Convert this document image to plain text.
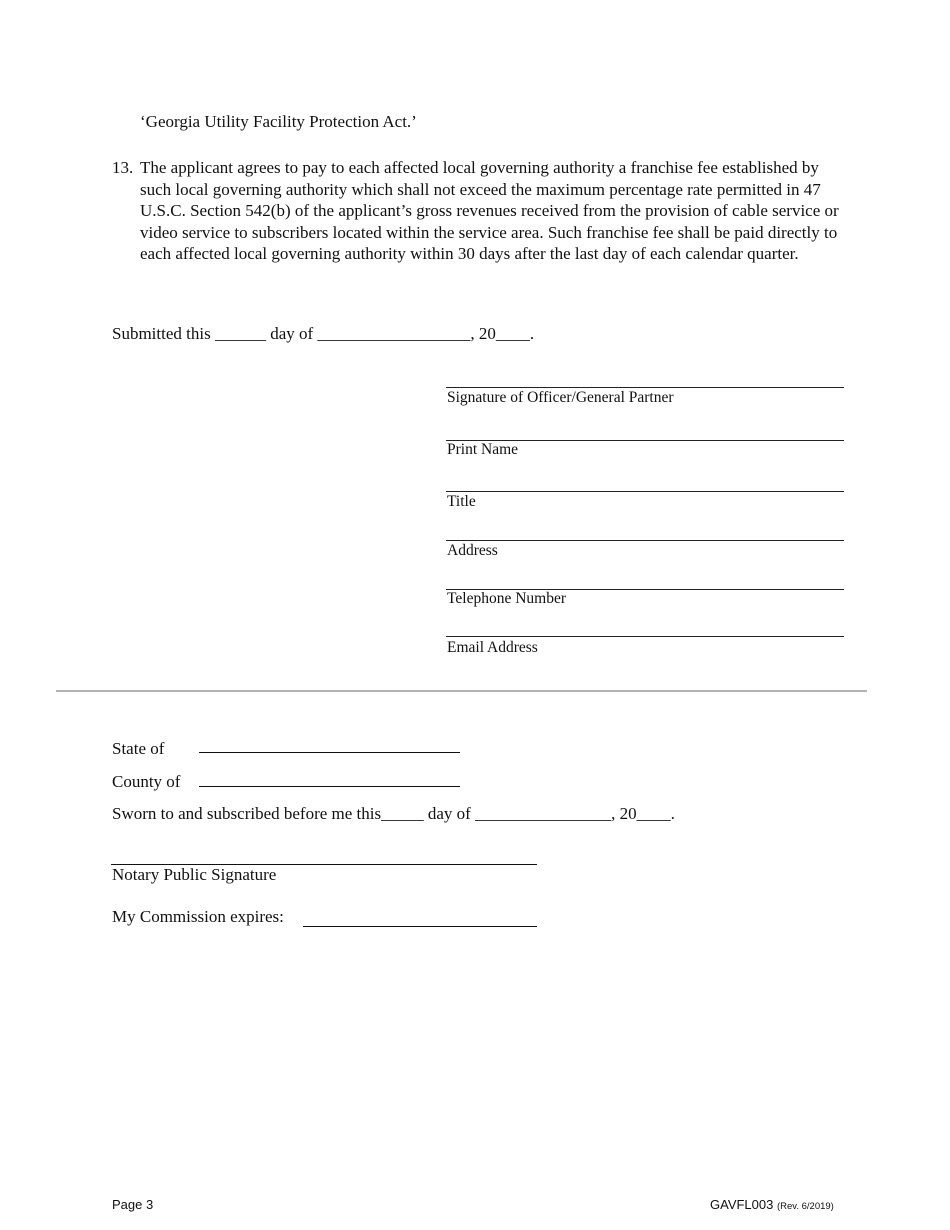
‘Georgia Utility Facility Protection Act.’
13. The applicant agrees to pay to each affected local governing authority a franchise fee established by such local governing authority which shall not exceed the maximum percentage rate permitted in 47 U.S.C. Section 542(b) of the applicant’s gross revenues received from the provision of cable service or video service to subscribers located within the service area. Such franchise fee shall be paid directly to each affected local governing authority within 30 days after the last day of each calendar quarter.
Submitted this ______ day of __________________, 20____.
Signature of Officer/General Partner
Print Name
Title
Address
Telephone Number
Email Address
State of
County of
Sworn to and subscribed before me this_____ day of ________________, 20____.
Notary Public Signature
My Commission expires:
Page 3	GAVFL003 (Rev. 6/2019)
